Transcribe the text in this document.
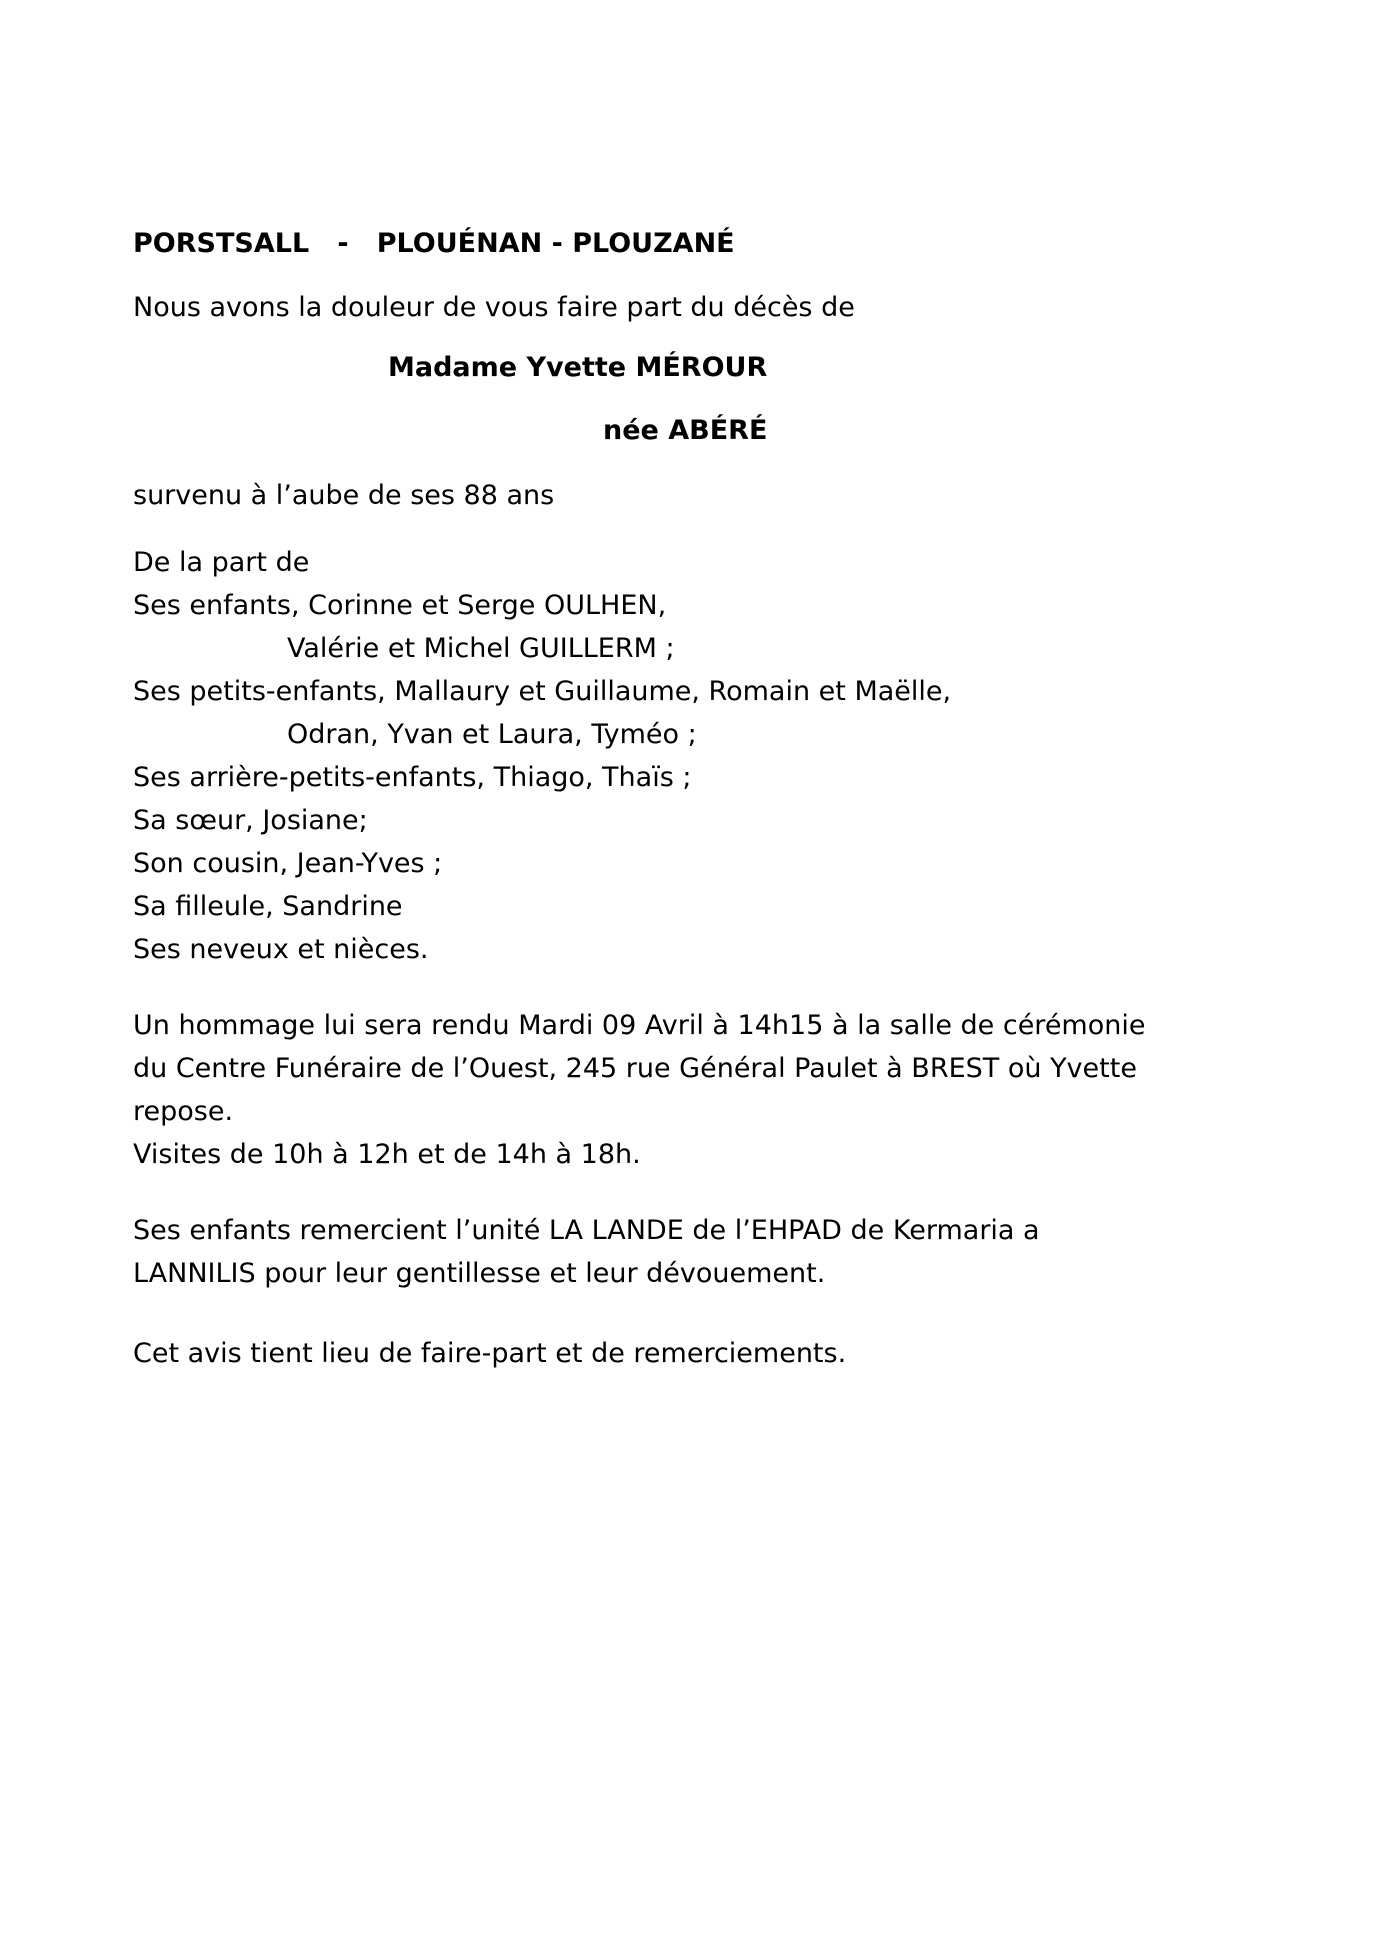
PORSTSALL   -   PLOUÉNAN - PLOUZANÉ
Nous avons la douleur de vous faire part du décès de
Madame Yvette MÉROUR
née ABÉRÉ
survenu à l’aube de ses 88 ans
De la part de
Ses enfants, Corinne et Serge OULHEN,
Valérie et Michel GUILLERM ;
Ses petits-enfants, Mallaury et Guillaume, Romain et Maëlle,
Odran, Yvan et Laura, Tyméo ;
Ses arrière-petits-enfants, Thiago, Thaïs ;
Sa sœur, Josiane;
Son cousin, Jean-Yves ;
Sa filleule, Sandrine
Ses neveux et nièces.
Un hommage lui sera rendu Mardi 09 Avril à 14h15 à la salle de cérémonie
du Centre Funéraire de l’Ouest, 245 rue Général Paulet à BREST où Yvette
repose.
Visites de 10h à 12h et de 14h à 18h.
Ses enfants remercient l’unité LA LANDE de l’EHPAD de Kermaria a
LANNILIS pour leur gentillesse et leur dévouement.
Cet avis tient lieu de faire-part et de remerciements.
